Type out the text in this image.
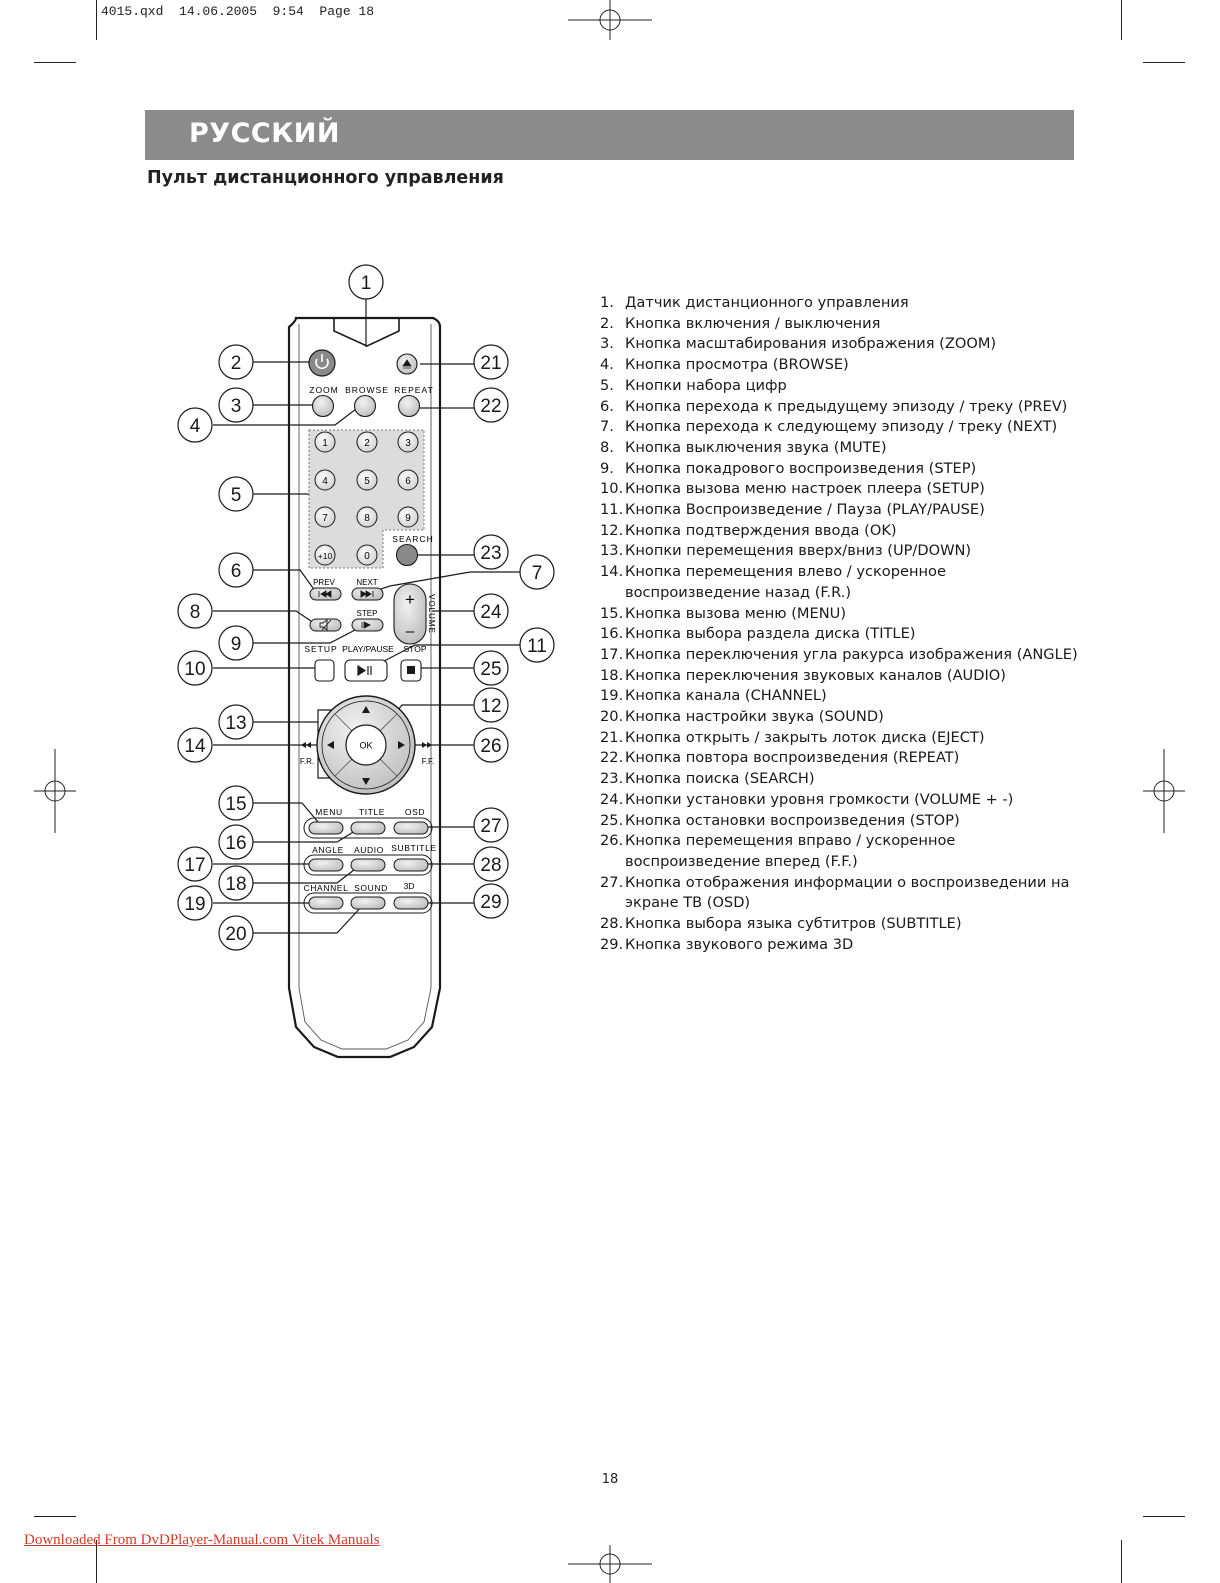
4015.qxd  14.06.2005  9:54  Page 18
РУССКИЙ
Пульт дистанционного управления
ZOOM BROWSE REPEAT
1	2	3
4	5	6
7	8	9
+10	0
SEARCH
PREV	NEXT
+
– VOLUME
STEP
SETUP PLAY/PAUSE STOP
OK
F.R.	F.F.
MENU TITLE OSD
ANGLE AUDIO SUBTITLE
CHANNEL SOUND 3D
1
2
3
4
5
6	7
8
9
10
11
12
13
14
15
16
17
18
19
20
21
22
23
24
25
26
27
28
29
1. Датчик дистанционного управления
2. Кнопка включения / выключения
3. Кнопка масштабирования изображения (ZOOM)
4. Кнопка просмотра (BROWSE)
5. Кнопки набора цифр
6. Кнопка перехода к предыдущему эпизоду / треку (PREV)
7. Кнопка перехода к следующему эпизоду / треку (NEXT)
8. Кнопка выключения звука (MUTE)
9. Кнопка покадрового воспроизведения (STEP)
10. Кнопка вызова меню настроек плеера (SETUP)
11. Кнопка Воспроизведение / Пауза (PLAY/PAUSE)
12. Кнопка подтверждения ввода (OK)
13. Кнопки перемещения вверх/вниз (UP/DOWN)
14. Кнопка перемещения влево / ускоренное
воспроизведение назад (F.R.)
15. Кнопка вызова меню (MENU)
16. Кнопка выбора раздела диска (TITLE)
17. Кнопка переключения угла ракурса изображения (ANGLE)
18. Кнопка переключения звуковых каналов (AUDIO)
19. Кнопка канала (CHANNEL)
20. Кнопка настройки звука (SOUND)
21. Кнопка открыть / закрыть лоток диска (EJECT)
22. Кнопка повтора воспроизведения (REPEAT)
23. Кнопка поиска (SEARCH)
24. Кнопки установки уровня громкости (VOLUME + -)
25. Кнопка остановки воспроизведения (STOP)
26. Кнопка перемещения вправо / ускоренное
воспроизведение вперед (F.F.)
27. Кнопка отображения информации о воспроизведении на
экране ТВ (OSD)
28. Кнопка выбора языка субтитров (SUBTITLE)
29. Кнопка звукового режима 3D
18
Downloaded From DvDPlayer-Manual.com Vitek Manuals
